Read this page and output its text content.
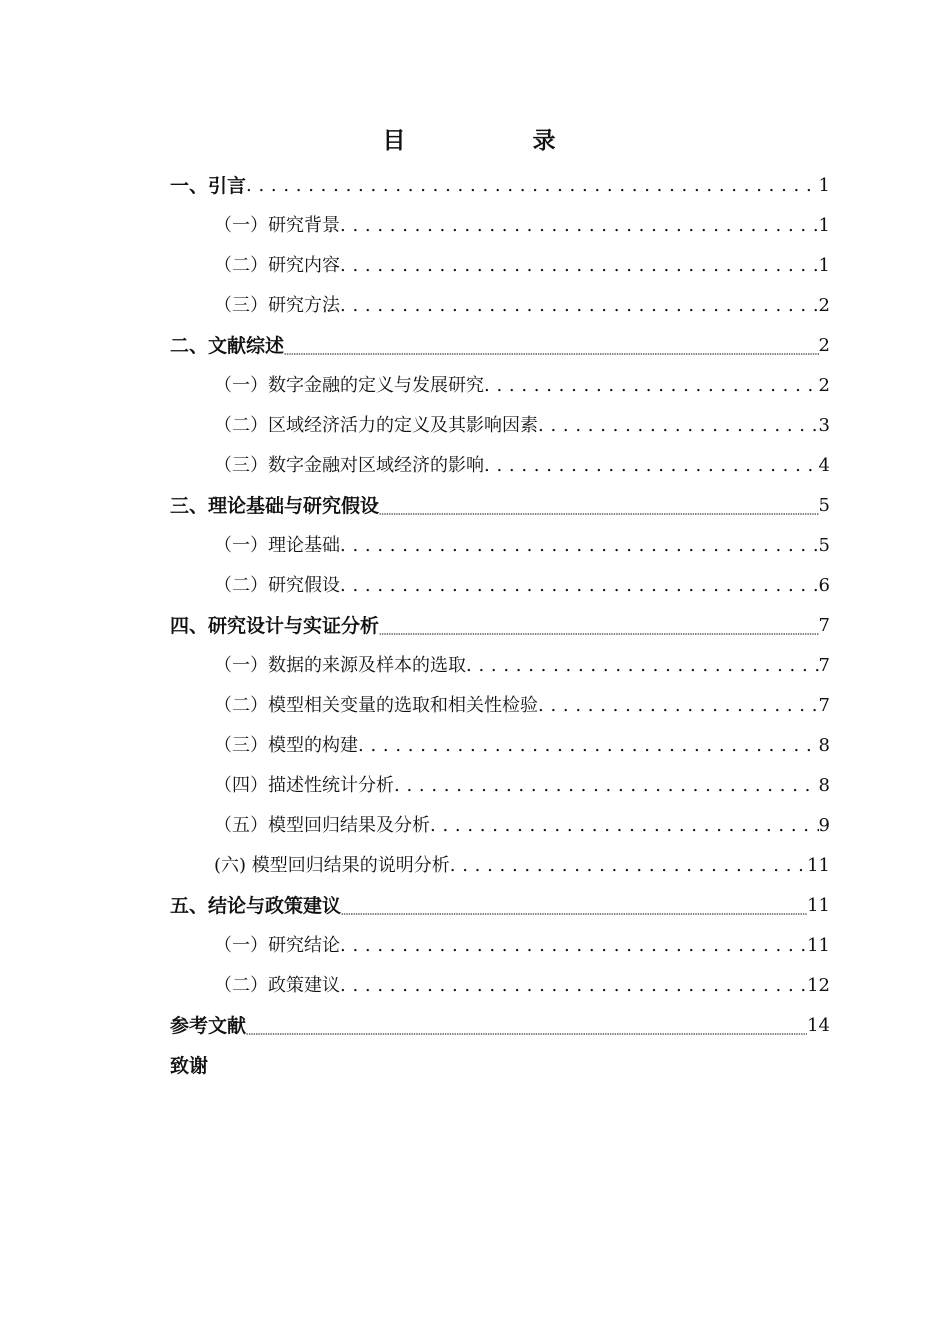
目　录
一、引言 . . .	1
（一）研究背景 . . .	1
（二）研究内容 . . .	1
（三）研究方法 . . .	2
二、文献综述	2
（一）数字金融的定义与发展研究 . . .	2
（二）区域经济活力的定义及其影响因素 . . .	3
（三）数字金融对区域经济的影响 . . .	4
三、理论基础与研究假设	5
（一）理论基础 . . .	5
（二）研究假设 . . .	6
四、研究设计与实证分析	7
（一）数据的来源及样本的选取 . . .	7
（二）模型相关变量的选取和相关性检验 . . .	7
（三）模型的构建 . . .	8
（四）描述性统计分析 . . .	8
（五）模型回归结果及分析 . . .	9
(六) 模型回归结果的说明分析 . . .	11
五、结论与政策建议	11
（一）研究结论 . . .	11
（二）政策建议 . . .	12
参考文献	14
致谢
